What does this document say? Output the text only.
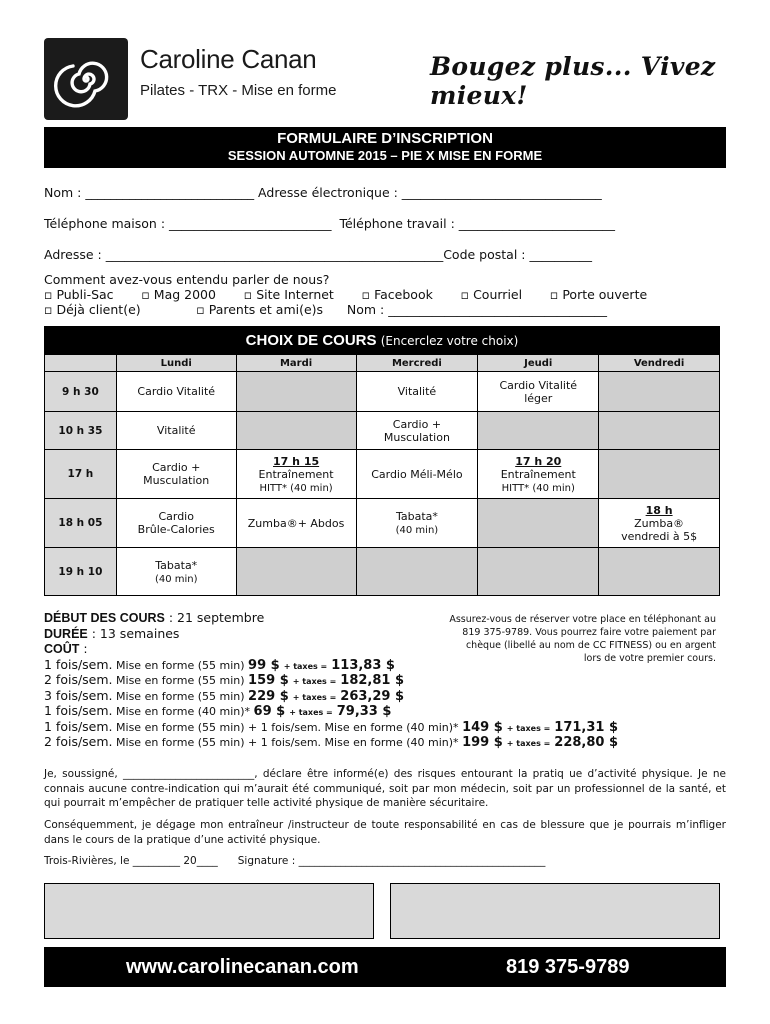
Caroline Canan
Pilates - TRX - Mise en forme
Bougez plus... Vivez mieux!
FORMULAIRE D’INSCRIPTION
SESSION AUTOMNE 2015 – PIE X MISE EN FORME
Nom : ___________________________ Adresse électronique : ________________________________
Téléphone maison : __________________________  Téléphone travail : _________________________
Adresse : ______________________________________________________Code postal : __________
Comment avez-vous entendu parler de nous?
▫ Publi-Sac       ▫ Mag 2000       ▫ Site Internet       ▫ Facebook       ▫ Courriel       ▫ Porte ouverte
▫ Déjà client(e)              ▫ Parents et ami(e)s      Nom : ___________________________________
CHOIX DE COURS (Encerclez votre choix)					
	Lundi	Mardi	Mercredi	Jeudi	Vendredi
9 h 30	Cardio Vitalité		Vitalité	Cardio Vitalité
léger	
10 h 35	Vitalité		Cardio +
Musculation		
17 h	Cardio +
Musculation	17 h 15
Entraînement
HITT* (40 min)	Cardio Méli-Mélo	17 h 20
Entraînement
HITT* (40 min)	
18 h 05	Cardio
Brûle-Calories	Zumba®+ Abdos	Tabata*
(40 min)		18 h
Zumba®
vendredi à 5$
19 h 10	Tabata*
(40 min)				
DÉBUT DES COURS : 21 septembre
DURÉE : 13 semaines
COÛT :
1 fois/sem. Mise en forme (55 min) 99 $ + taxes = 113,83 $
2 fois/sem. Mise en forme (55 min) 159 $ + taxes = 182,81 $
3 fois/sem. Mise en forme (55 min) 229 $ + taxes = 263,29 $
1 fois/sem. Mise en forme (40 min)* 69 $ + taxes = 79,33 $
1 fois/sem. Mise en forme (55 min) + 1 fois/sem. Mise en forme (40 min)* 149 $ + taxes = 171,31 $
2 fois/sem. Mise en forme (55 min) + 1 fois/sem. Mise en forme (40 min)* 199 $ + taxes = 228,80 $
Assurez-vous de réserver votre place en téléphonant au
819 375-9789. Vous pourrez faire votre paiement par
chèque (libellé au nom de CC FITNESS) ou en argent
lors de votre premier cours.
Je, soussigné, _________________________, déclare être informé(e) des risques entourant la pratiq ue d’activité physique. Je ne connais aucune contre-indication qui m’aurait été communiqué, soit par mon médecin, soit par un professionnel de la santé, et qui pourrait m’empêcher de pratiquer telle activité physique de manière sécuritaire.
Conséquemment, je dégage mon entraîneur /instructeur de toute responsabilité en cas de blessure que je pourrais m’infliger dans le cours de la pratique d’une activité physique.
Trois-Rivières, le _________ 20____      Signature : _______________________________________________
www.carolinecanan.com	819 375-9789
